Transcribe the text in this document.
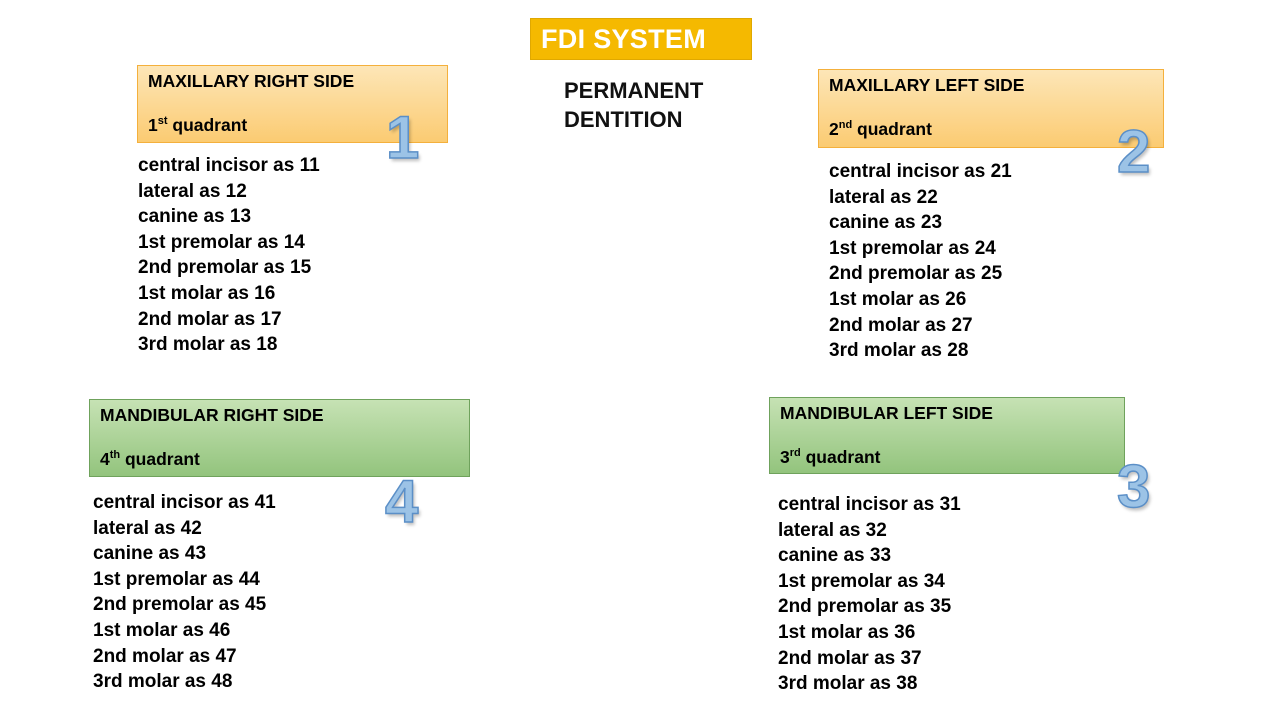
FDI SYSTEM
PERMANENT
DENTITION
MAXILLARY RIGHT SIDE
1st quadrant 1
central incisor as 11
lateral as 12
canine as 13
1st premolar as 14
2nd premolar as 15
1st molar as 16
2nd molar as 17
3rd molar as 18
MAXILLARY LEFT SIDE
2nd quadrant	2
central incisor as 21
lateral as 22
canine as 23
1st premolar as 24
2nd premolar as 25
1st molar as 26
2nd molar as 27
3rd molar as 28
MANDIBULAR RIGHT SIDE
4th quadrant
4
central incisor as 41
lateral as 42
canine as 43
1st premolar as 44
2nd premolar as 45
1st molar as 46
2nd molar as 47
3rd molar as 48
MANDIBULAR LEFT SIDE
3rd quadrant	3
central incisor as 31
lateral as 32
canine as 33
1st premolar as 34
2nd premolar as 35
1st molar as 36
2nd molar as 37
3rd molar as 38
